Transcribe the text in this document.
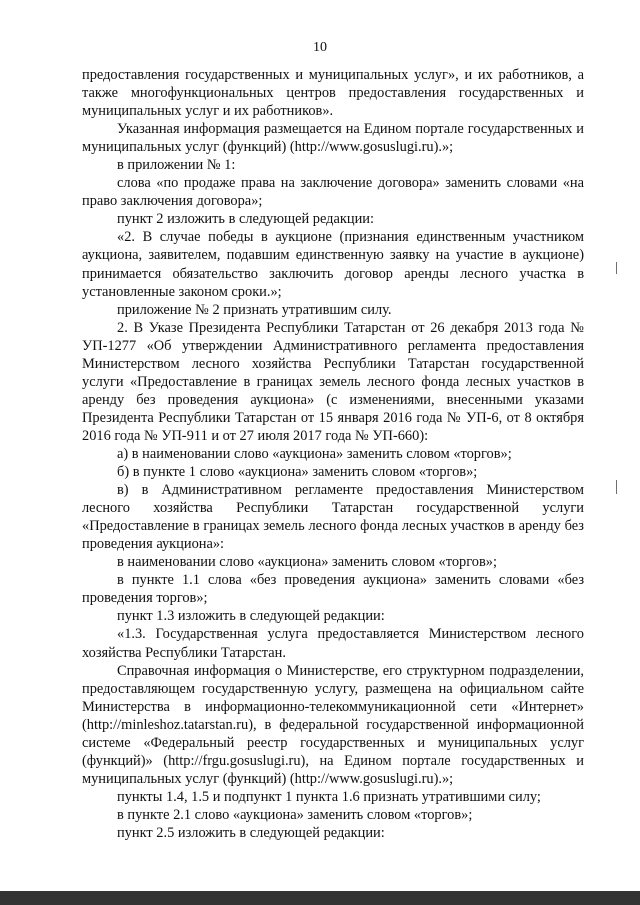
10

предоставления государственных и муниципальных услуг», и их работников, а также многофункциональных центров предоставления государственных и муниципальных услуг и их работников».

Указанная информация размещается на Едином портале государственных и муниципальных услуг (функций) (http://www.gosuslugi.ru).»;

в приложении № 1:

слова «по продаже права на заключение договора» заменить словами «на право заключения договора»;

пункт 2 изложить в следующей редакции:

«2. В случае победы в аукционе (признания единственным участником аукциона, заявителем, подавшим единственную заявку на участие в аукционе) принимается обязательство заключить договор аренды лесного участка в установленные законом сроки.»;

приложение № 2 признать утратившим силу.

2. В Указе Президента Республики Татарстан от 26 декабря 2013 года № УП-1277 «Об утверждении Административного регламента предоставления Министерством лесного хозяйства Республики Татарстан государственной услуги «Предоставление в границах земель лесного фонда лесных участков в аренду без проведения аукциона» (с изменениями, внесенными указами Президента Республики Татарстан от 15 января 2016 года № УП-6, от 8 октября 2016 года № УП-911 и от 27 июля 2017 года № УП-660):

а) в наименовании слово «аукциона» заменить словом «торгов»;

б) в пункте 1 слово «аукциона» заменить словом «торгов»;

в) в Административном регламенте предоставления Министерством лесного хозяйства Республики Татарстан государственной услуги «Предоставление в границах земель лесного фонда лесных участков в аренду без проведения аукциона»:

в наименовании слово «аукциона» заменить словом «торгов»;

в пункте 1.1 слова «без проведения аукциона» заменить словами «без проведения торгов»;

пункт 1.3 изложить в следующей редакции:

«1.3. Государственная услуга предоставляется Министерством лесного хозяйства Республики Татарстан.

Справочная информация о Министерстве, его структурном подразделении, предоставляющем государственную услугу, размещена на официальном сайте Министерства в информационно-телекоммуникационной сети «Интернет» (http://minleshoz.tatarstan.ru), в федеральной государственной информационной системе «Федеральный реестр государственных и муниципальных услуг (функций)» (http://frgu.gosuslugi.ru), на Едином портале государственных и муниципальных услуг (функций) (http://www.gosuslugi.ru).»;

пункты 1.4, 1.5 и подпункт 1 пункта 1.6 признать утратившими силу;

в пункте 2.1 слово «аукциона» заменить словом «торгов»;

пункт 2.5 изложить в следующей редакции:
